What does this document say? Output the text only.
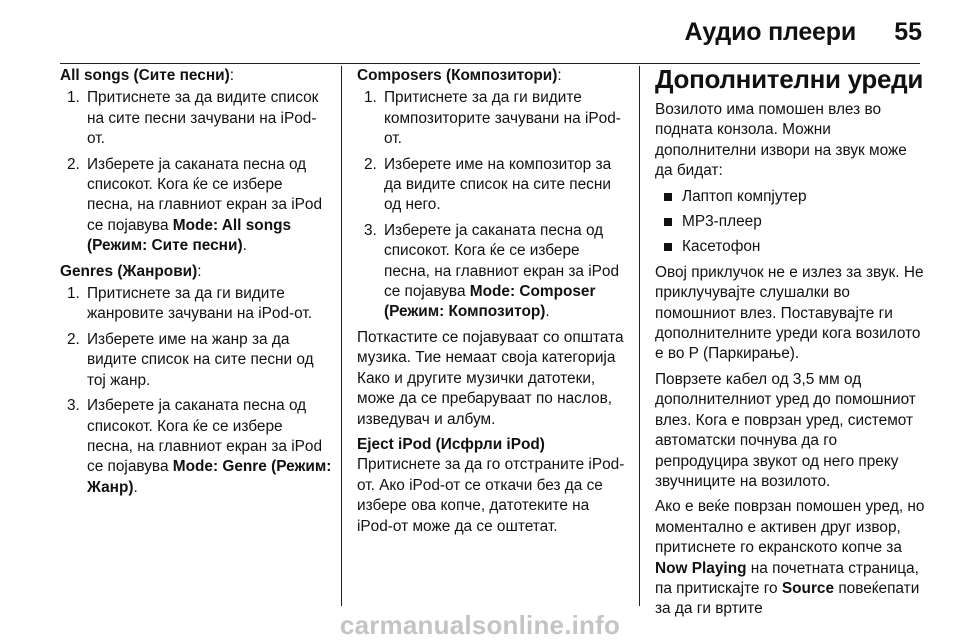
Аудио плеери 55
All songs (Сите песни):
1. Притиснете за да видите список на сите песни зачувани на iPod-от.
2. Изберете ја саканата песна од списокот. Кога ќе се избере песна, на главниот екран за iPod се појавува Mode: All songs (Режим: Сите песни).
Genres (Жанрови):
1. Притиснете за да ги видите жанровите зачувани на iPod-от.
2. Изберете име на жанр за да видите список на сите песни од тој жанр.
3. Изберете ја саканата песна од списокот. Кога ќе се избере песна, на главниот екран за iPod се појавува Mode: Genre (Режим: Жанр).
Composers (Композитори):
1. Притиснете за да ги видите композиторите зачувани на iPod-от.
2. Изберете име на композитор за да видите список на сите песни од него.
3. Изберете ја саканата песна од списокот. Кога ќе се избере песна, на главниот екран за iPod се појавува Mode: Composer (Режим: Композитор).

Поткастите се појавуваат со општата музика. Тие немаат своја категорија Како и другите музички датотеки, може да се пребаруваат по наслов, изведувач и албум.

Eject iPod (Исфрли iPod)

Притиснете за да го отстраните iPod-от. Ако iPod-от се откачи без да се избере ова копче, датотеките на iPod-от може да се оштетат.

Дополнителни уреди

Возилото има помошен влез во подната конзола. Можни дополнителни извори на звук може да бидат:

Лаптоп компјутер
MP3-плеер
Касетофон

Овој приклучок не е излез за звук. Не приклучувајте слушалки во помошниот влез. Поставувајте ги дополнителните уреди кога возилото е во P (Паркирање).

Поврзете кабел од 3,5 мм од дополнителниот уред до помошниот влез. Кога е поврзан уред, системот автоматски почнува да го репродуцира звукот од него преку звучниците на возилото.

Ако е веќе поврзан помошен уред, но моментално е активен друг извор, притиснете го екранското копче за Now Playing на почетната страница, па притискајте го Source повеќепати за да ги вртите

carmanualsonline.info
